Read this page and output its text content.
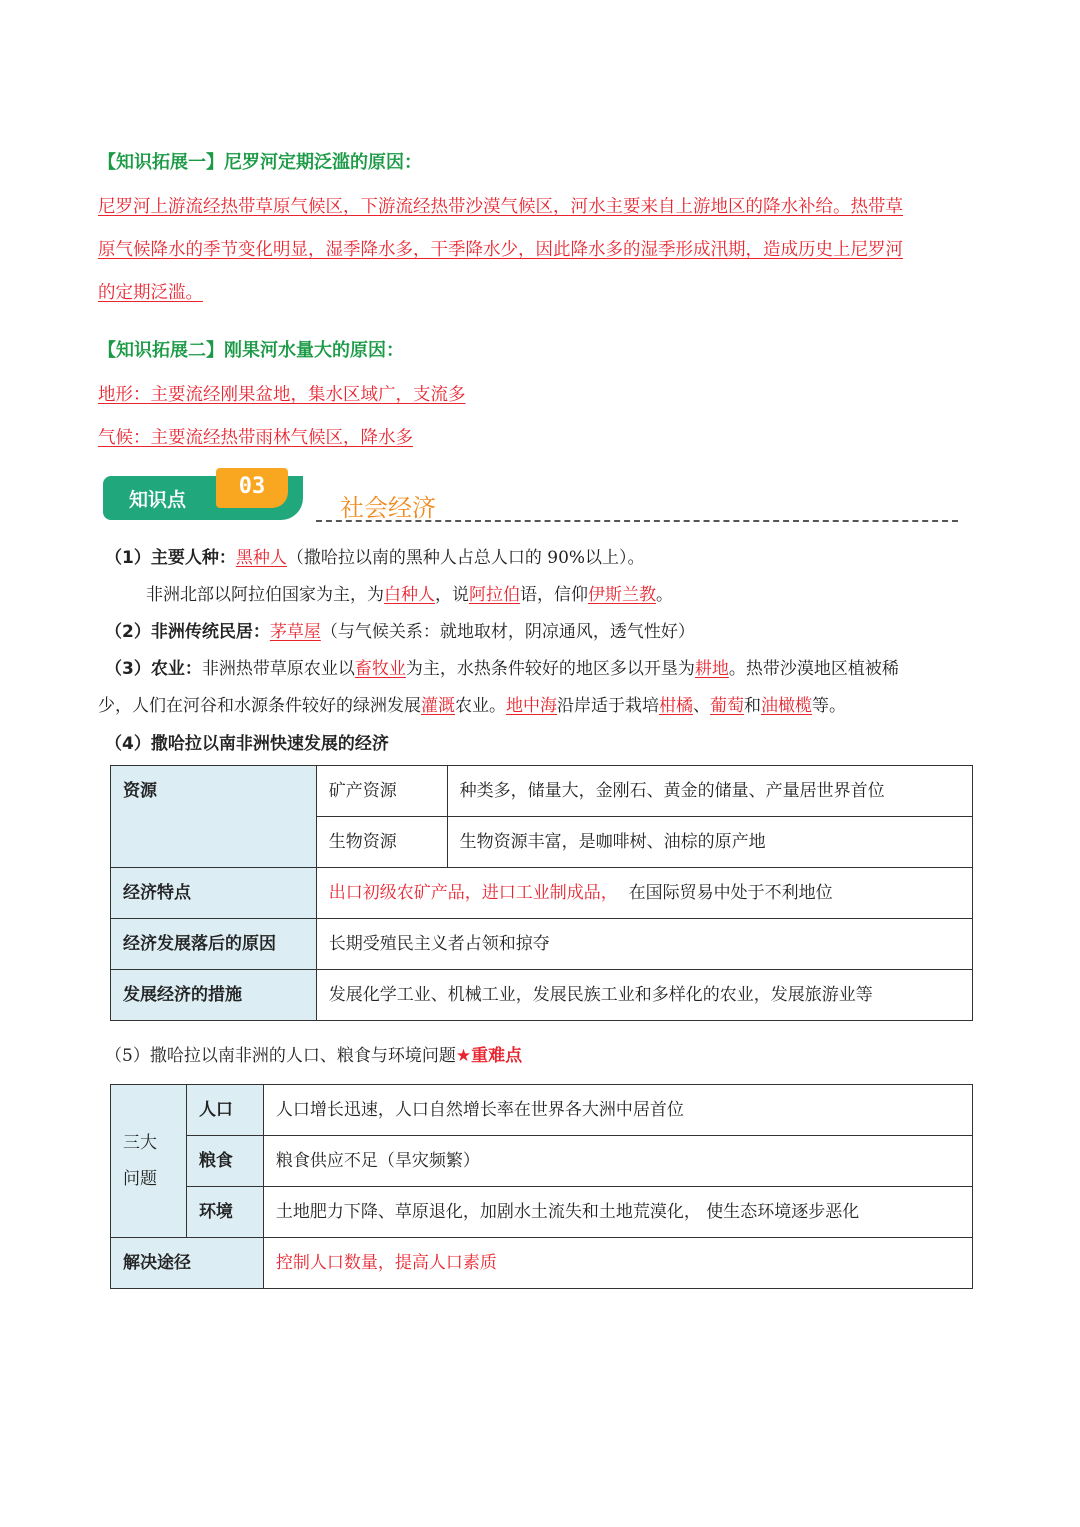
【知识拓展一】尼罗河定期泛滥的原因：
尼罗河上游流经热带草原气候区，下游流经热带沙漠气候区，河水主要来自上游地区的降水补给。热带草
原气候降水的季节变化明显，湿季降水多，干季降水少，因此降水多的湿季形成汛期，造成历史上尼罗河
的定期泛滥。
【知识拓展二】刚果河水量大的原因：
地形：主要流经刚果盆地，集水区域广，支流多
气候：主要流经热带雨林气候区，降水多
知识点
03
社会经济
（1）主要人种：黑种人（撒哈拉以南的黑种人占总人口的 90%以上）。
非洲北部以阿拉伯国家为主，为白种人，说阿拉伯语，信仰伊斯兰教。
（2）非洲传统民居：茅草屋（与气候关系：就地取材，阴凉通风，透气性好）
（3）农业：非洲热带草原农业以畜牧业为主，水热条件较好的地区多以开垦为耕地。热带沙漠地区植被稀
少，人们在河谷和水源条件较好的绿洲发展灌溉农业。地中海沿岸适于栽培柑橘、葡萄和油橄榄等。
（4）撒哈拉以南非洲快速发展的经济
资源	矿产资源	种类多，储量大，金刚石、黄金的储量、产量居世界首位
	生物资源	生物资源丰富，是咖啡树、油棕的原产地
经济特点	出口初级农矿产品，进口工业制成品， 在国际贸易中处于不利地位	
经济发展落后的原因	长期受殖民主义者占领和掠夺	
发展经济的措施	发展化学工业、机械工业，发展民族工业和多样化的农业，发展旅游业等	
（5）撒哈拉以南非洲的人口、粮食与环境问题★重难点
三大
问题	人口	人口增长迅速，人口自然增长率在世界各大洲中居首位
	粮食	粮食供应不足（旱灾频繁）
	环境	土地肥力下降、草原退化，加剧水土流失和土地荒漠化， 使生态环境逐步恶化
解决途径		控制人口数量，提高人口素质
